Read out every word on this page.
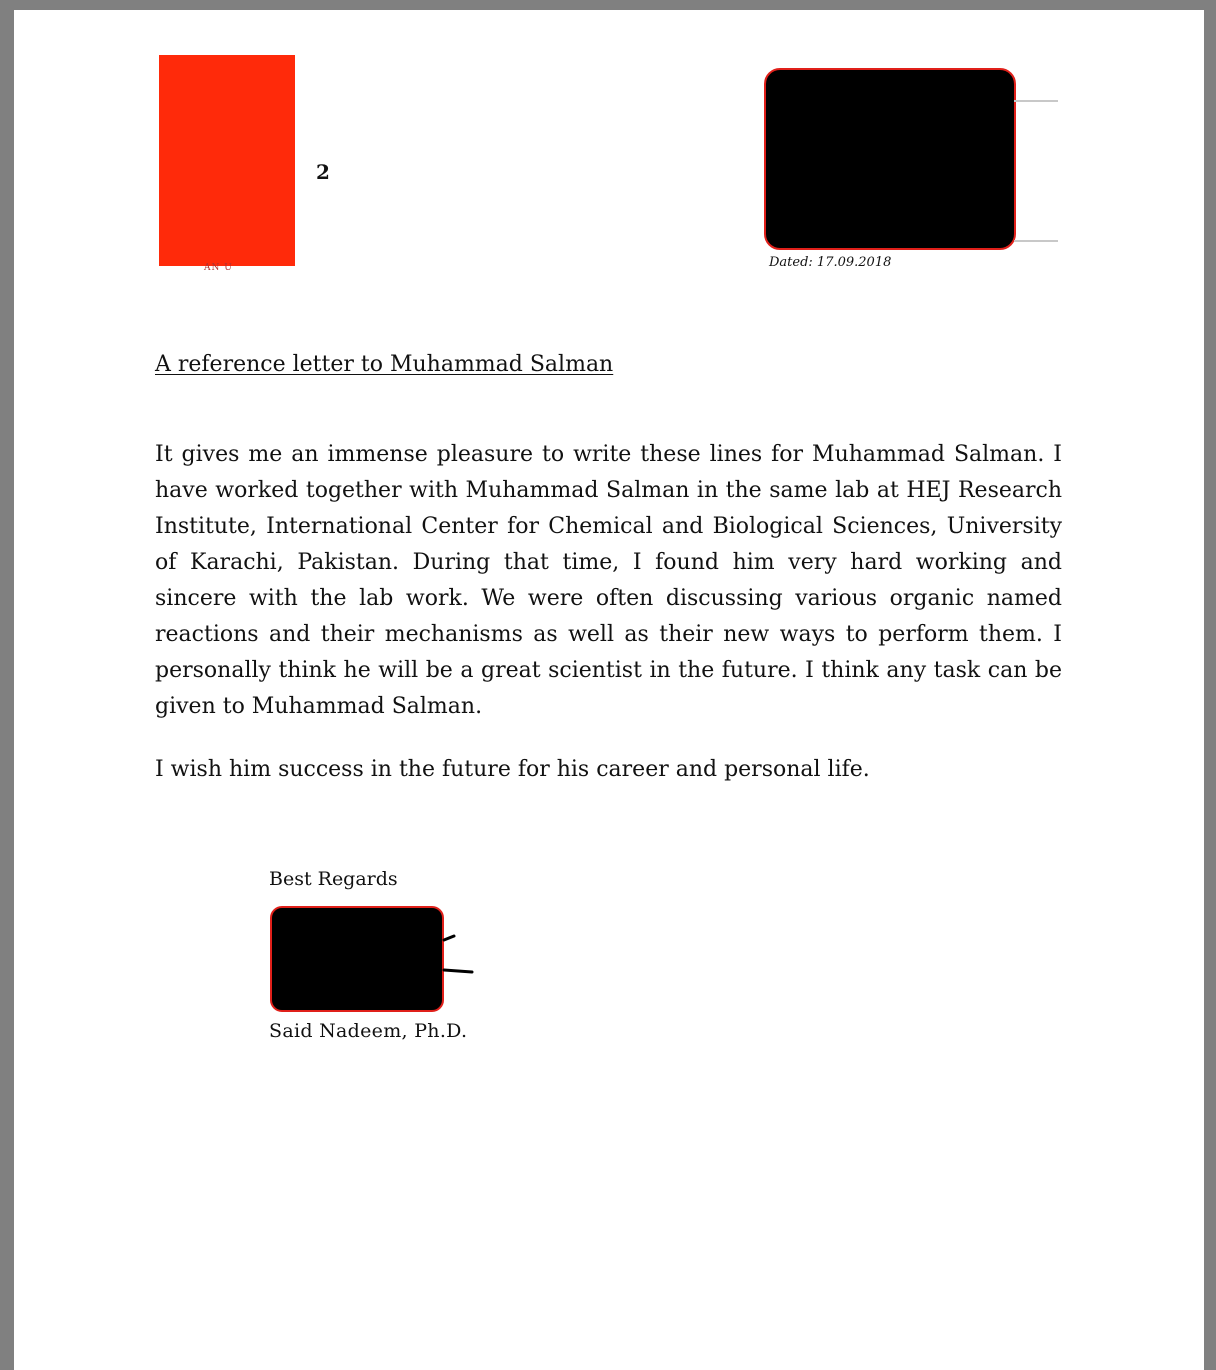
AN U
2
Dated: 17.09.2018
A reference letter to Muhammad Salman

It gives me an immense pleasure to write these lines for Muhammad Salman. I have worked together with Muhammad Salman in the same lab at HEJ Research Institute, International Center for Chemical and Biological Sciences, University of Karachi, Pakistan. During that time, I found him very hard working and sincere with the lab work. We were often discussing various organic named reactions and their mechanisms as well as their new ways to perform them. I personally think he will be a great scientist in the future. I think any task can be given to Muhammad Salman.

I wish him success in the future for his career and personal life.

Best Regards
Said Nadeem, Ph.D.
